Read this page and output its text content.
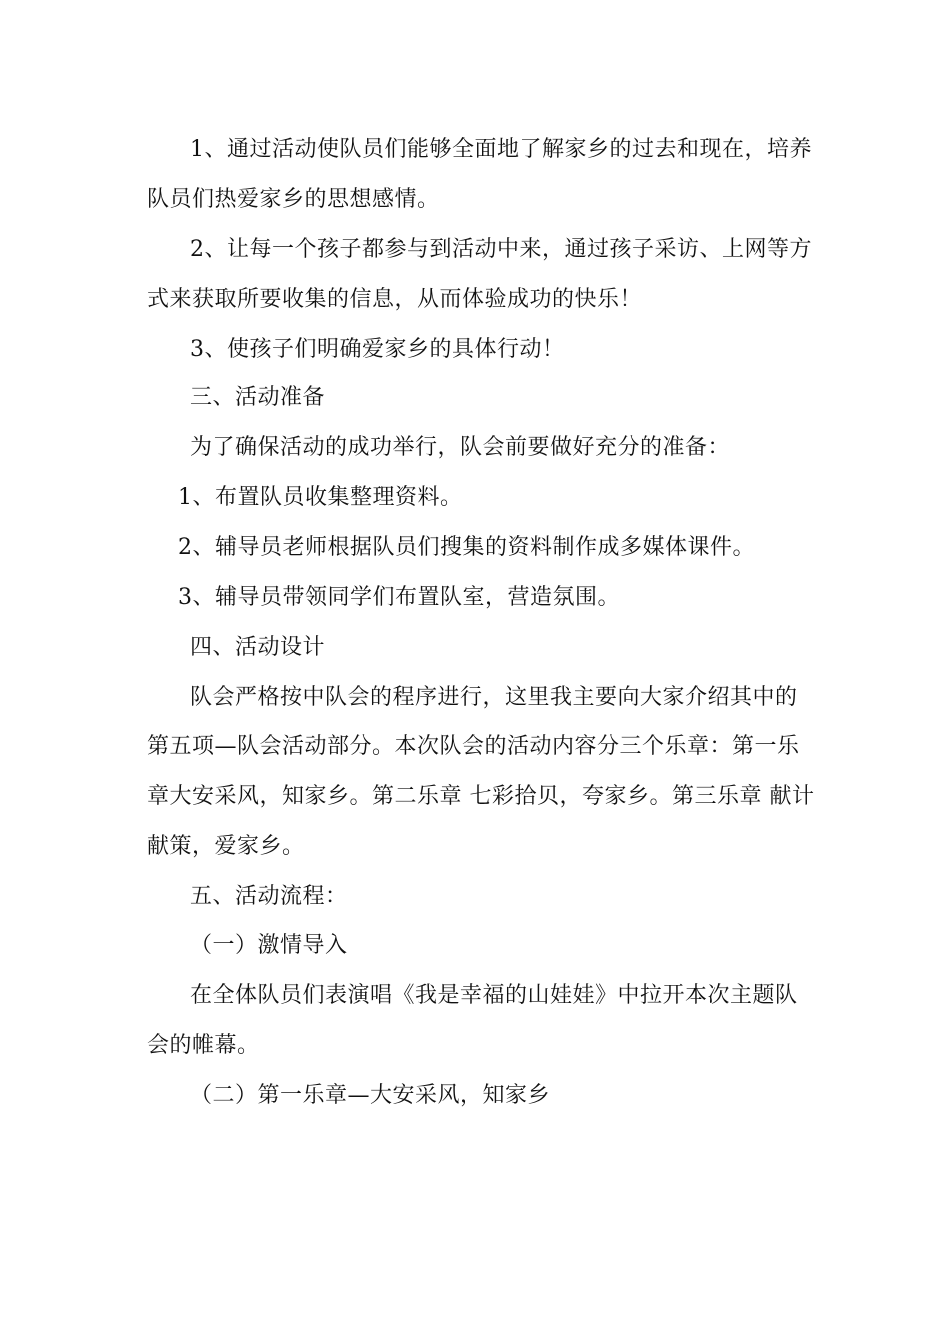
1、通过活动使队员们能够全面地了解家乡的过去和现在，培养
队员们热爱家乡的思想感情。
2、让每一个孩子都参与到活动中来，通过孩子采访、上网等方
式来获取所要收集的信息，从而体验成功的快乐！
3、使孩子们明确爱家乡的具体行动！
三、活动准备
为了确保活动的成功举行，队会前要做好充分的准备：
1、布置队员收集整理资料。
2、辅导员老师根据队员们搜集的资料制作成多媒体课件。
3、辅导员带领同学们布置队室，营造氛围。
四、活动设计
队会严格按中队会的程序进行，这里我主要向大家介绍其中的
第五项—队会活动部分。本次队会的活动内容分三个乐章：第一乐
章大安采风，知家乡。第二乐章 七彩拾贝，夸家乡。第三乐章 献计
献策，爱家乡。
五、活动流程：
（一）激情导入
在全体队员们表演唱《我是幸福的山娃娃》中拉开本次主题队
会的帷幕。
（二）第一乐章—大安采风，知家乡
